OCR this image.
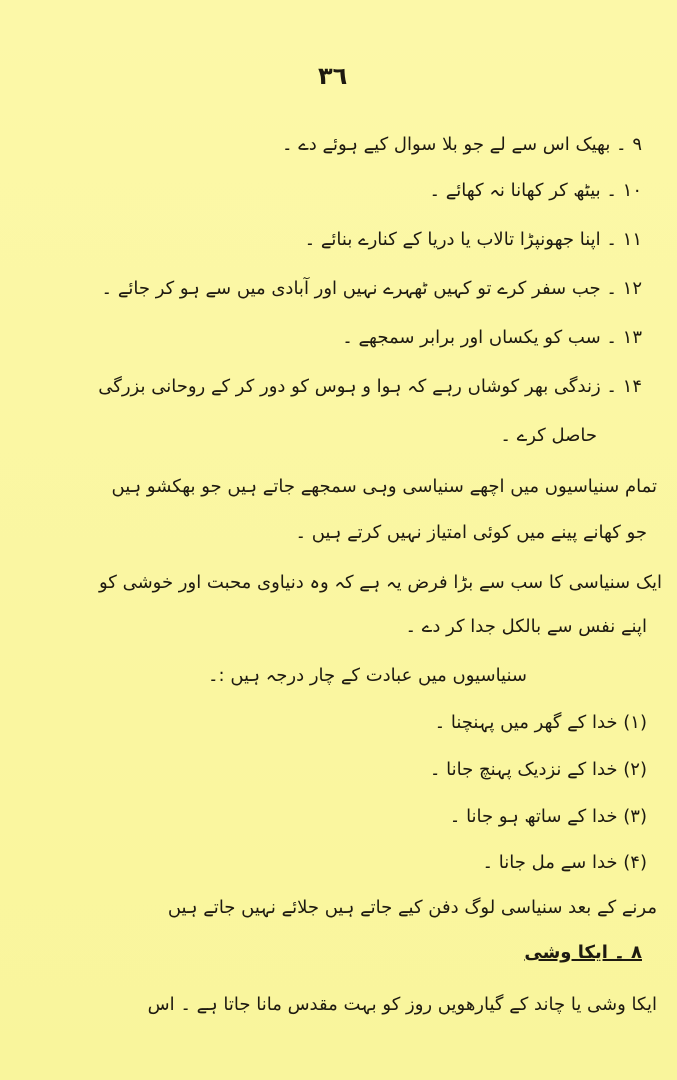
٣٦
۹ ۔ بھیک اس سے لے جو بلا سوال کیے ہوئے دے ۔
۱۰ ۔ بیٹھ کر کھانا نہ کھائے ۔
۱۱ ۔ اپنا جھونپڑا تالاب یا دریا کے کنارے بنائے ۔
۱۲ ۔ جب سفر کرے تو کہیں ٹھہرے نہیں اور آبادی میں سے ہو کر جائے ۔
۱۳ ۔ سب کو یکساں اور برابر سمجھے ۔
۱۴ ۔ زندگی بھر کوشاں رہے کہ ہوا و ہوس کو دور کر کے روحانی بزرگی
حاصل کرے ۔
تمام سنیاسیوں میں اچھے سنیاسی وہی سمجھے جاتے ہیں جو بھکشو ہیں
جو کھانے پینے میں کوئی امتیاز نہیں کرتے ہیں ۔
ایک سنیاسی کا سب سے بڑا فرض یہ ہے کہ وہ دنیاوی محبت اور خوشی کو
اپنے نفس سے بالکل جدا کر دے ۔
سنیاسیوں میں عبادت کے چار درجہ ہیں :۔
(۱) خدا کے گھر میں پہنچنا ۔
(۲) خدا کے نزدیک پہنچ جانا ۔
(۳) خدا کے ساتھ ہو جانا ۔
(۴) خدا سے مل جانا ۔
مرنے کے بعد سنیاسی لوگ دفن کیے جاتے ہیں جلائے نہیں جاتے ہیں
۸ ۔ ایکا وشی
ایکا وشی یا چاند کے گیارھویں روز کو بہت مقدس مانا جاتا ہے ۔ اس
